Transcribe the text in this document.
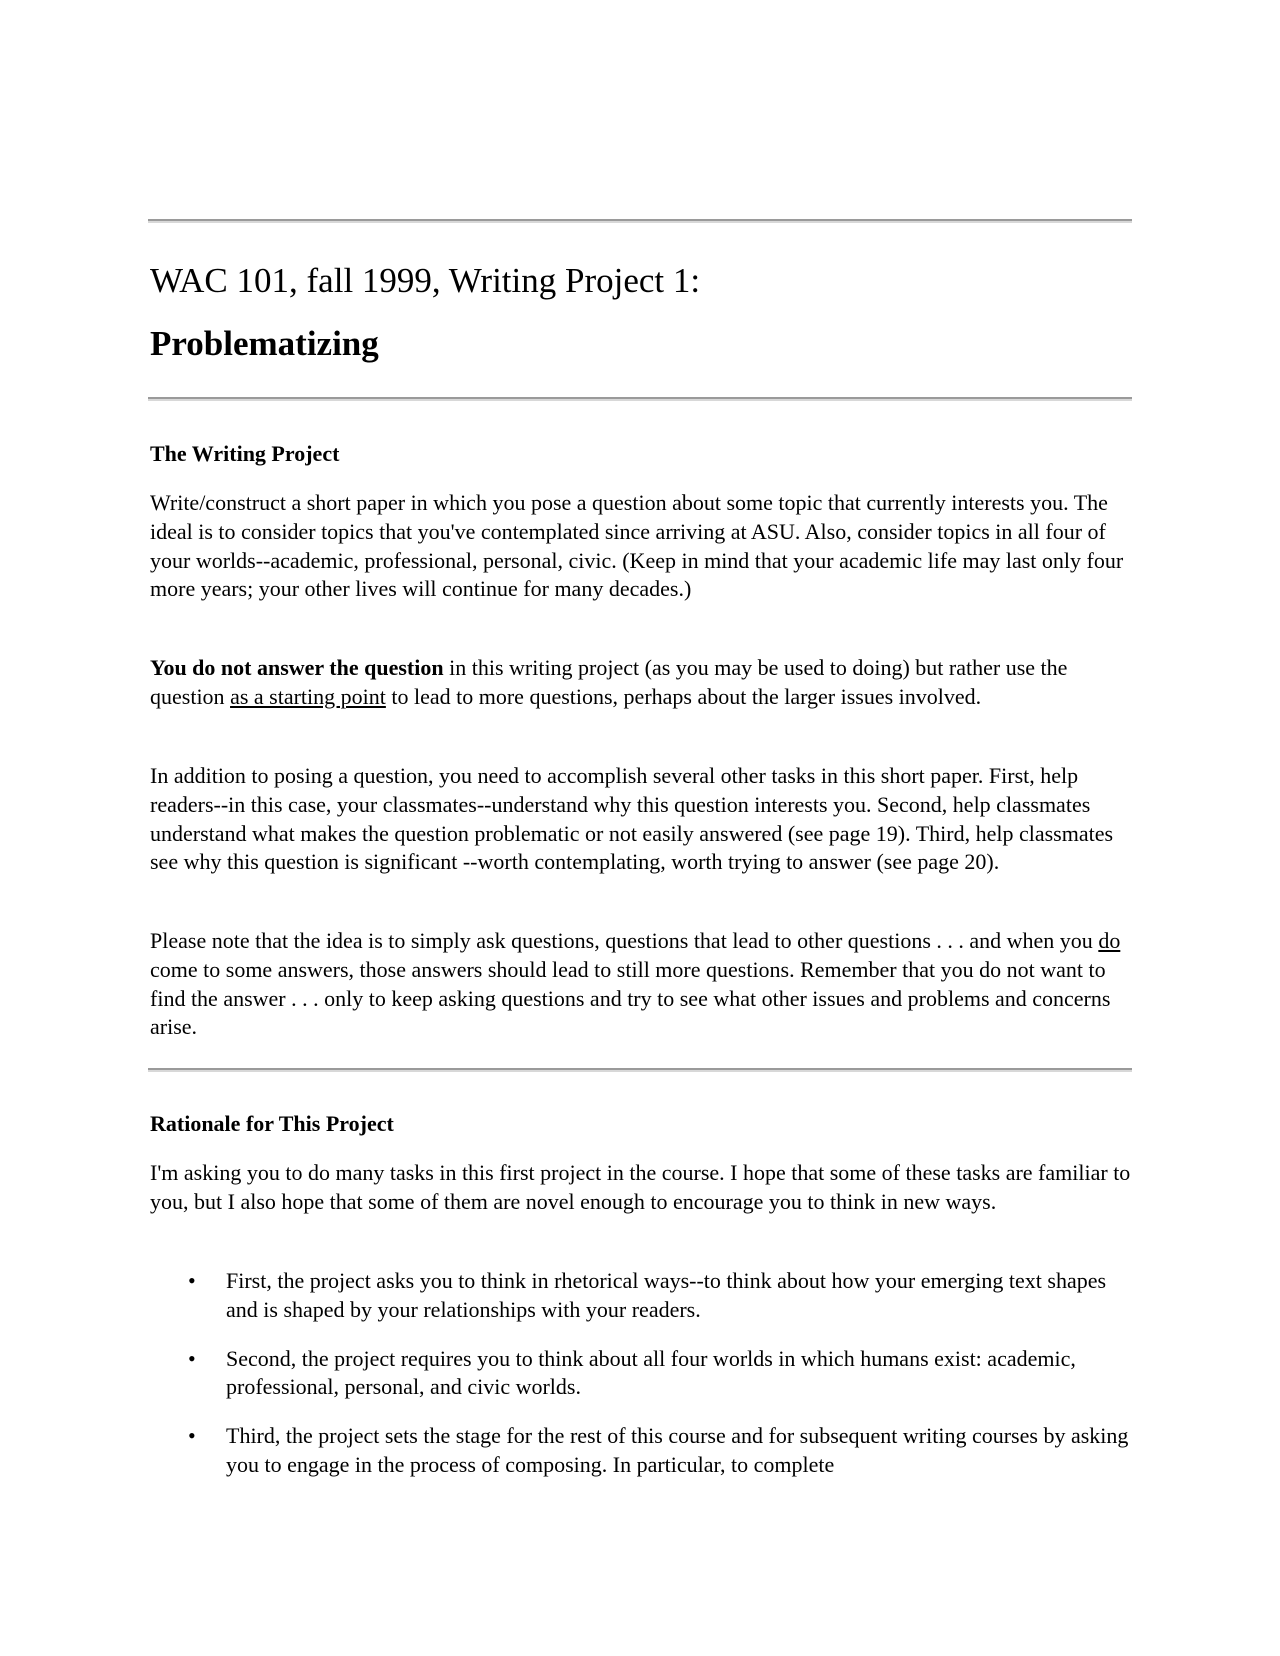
WAC 101, fall 1999, Writing Project 1:
Problematizing
The Writing Project

Write/construct a short paper in which you pose a question about some topic that currently interests you. The ideal is to consider topics that you've contemplated since arriving at ASU. Also, consider topics in all four of your worlds--academic, professional, personal, civic. (Keep in mind that your academic life may last only four more years; your other lives will continue for many decades.)

You do not answer the question in this writing project (as you may be used to doing) but rather use the question as a starting point to lead to more questions, perhaps about the larger issues involved.

In addition to posing a question, you need to accomplish several other tasks in this short paper. First, help readers--in this case, your classmates--understand why this question interests you. Second, help classmates understand what makes the question problematic or not easily answered (see page 19). Third, help classmates see why this question is significant --worth contemplating, worth trying to answer (see page 20).

Please note that the idea is to simply ask questions, questions that lead to other questions . . . and when you do come to some answers, those answers should lead to still more questions. Remember that you do not want to find the answer . . . only to keep asking questions and try to see what other issues and problems and concerns arise.

Rationale for This Project

I'm asking you to do many tasks in this first project in the course. I hope that some of these tasks are familiar to you, but I also hope that some of them are novel enough to encourage you to think in new ways.

• First, the project asks you to think in rhetorical ways--to think about how your emerging text shapes and is shaped by your relationships with your readers.
• Second, the project requires you to think about all four worlds in which humans exist: academic, professional, personal, and civic worlds.
• Third, the project sets the stage for the rest of this course and for subsequent writing courses by asking you to engage in the process of composing. In particular, to complete
